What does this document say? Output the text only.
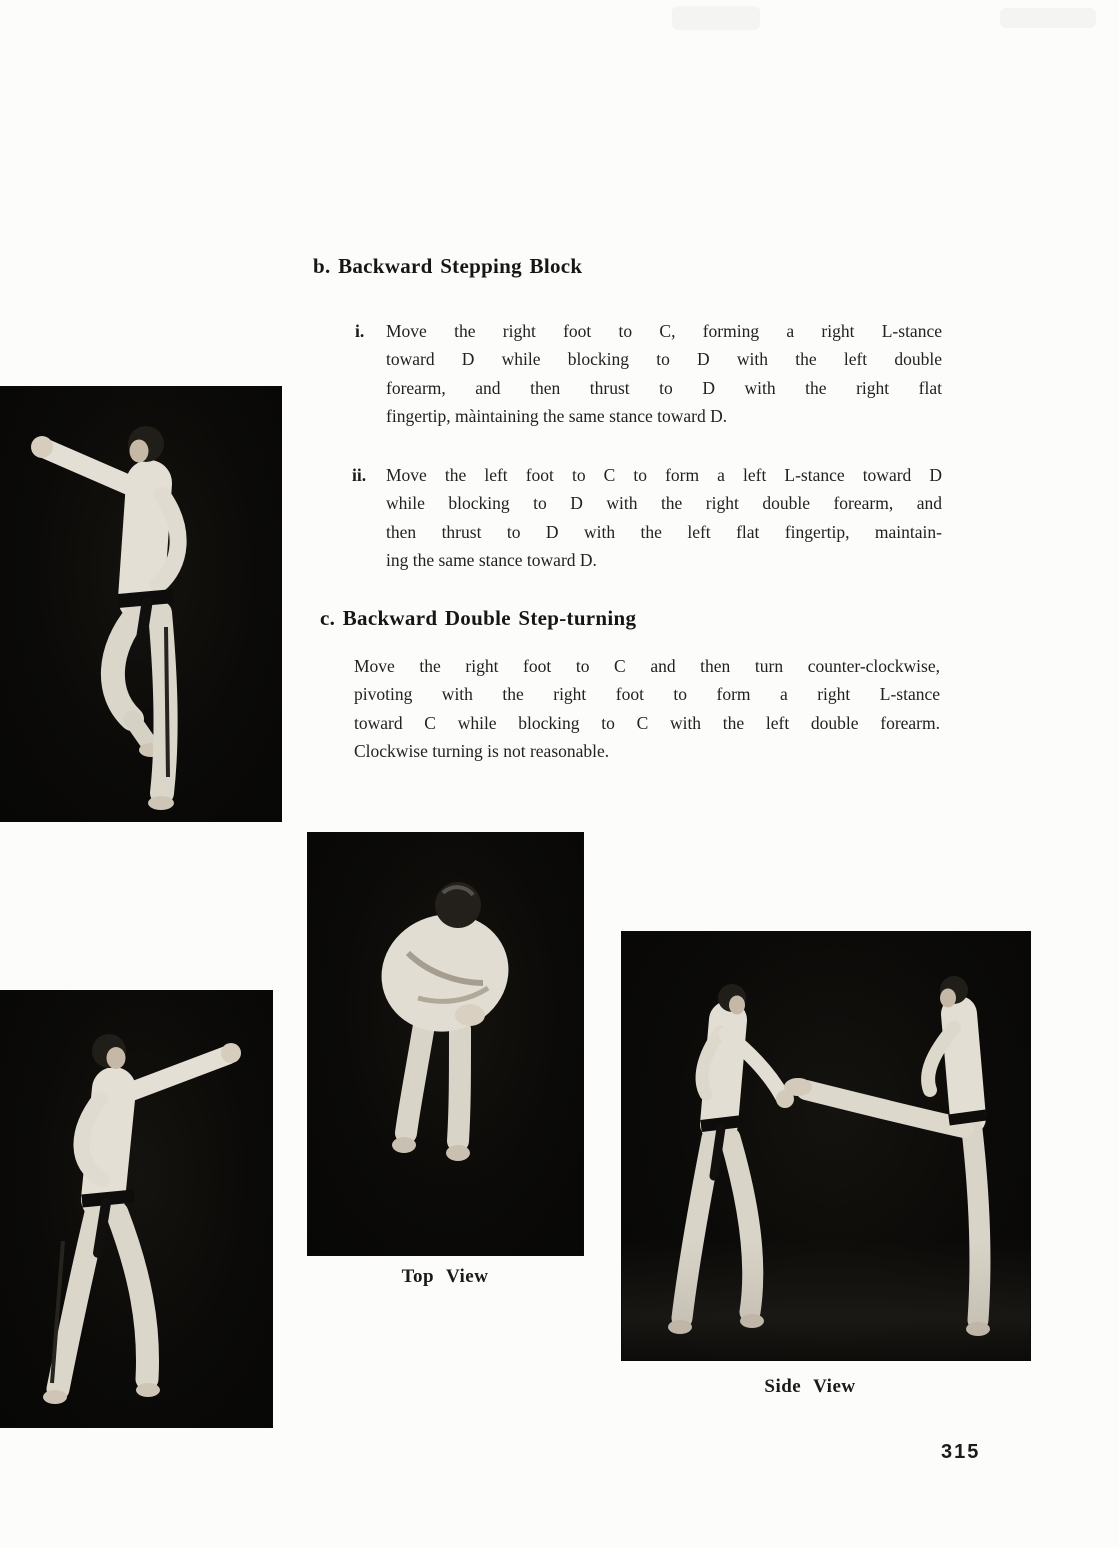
b. Backward Stepping Block
i. Move the right foot to C, forming a right L-stance
toward D while blocking to D with the left double
forearm, and then thrust to D with the right flat
fingertip, màintaining the same stance toward D.
ii. Move the left foot to C to form a left L-stance toward D
while blocking to D with the right double forearm, and
then thrust to D with the left flat fingertip, maintain-
ing the same stance toward D.
c. Backward Double Step-turning
Move the right foot to C and then turn counter-clockwise,
pivoting with the right foot to form a right L-stance
toward C while blocking to C with the left double forearm.
Clockwise turning is not reasonable.
Top View
Side View
315
